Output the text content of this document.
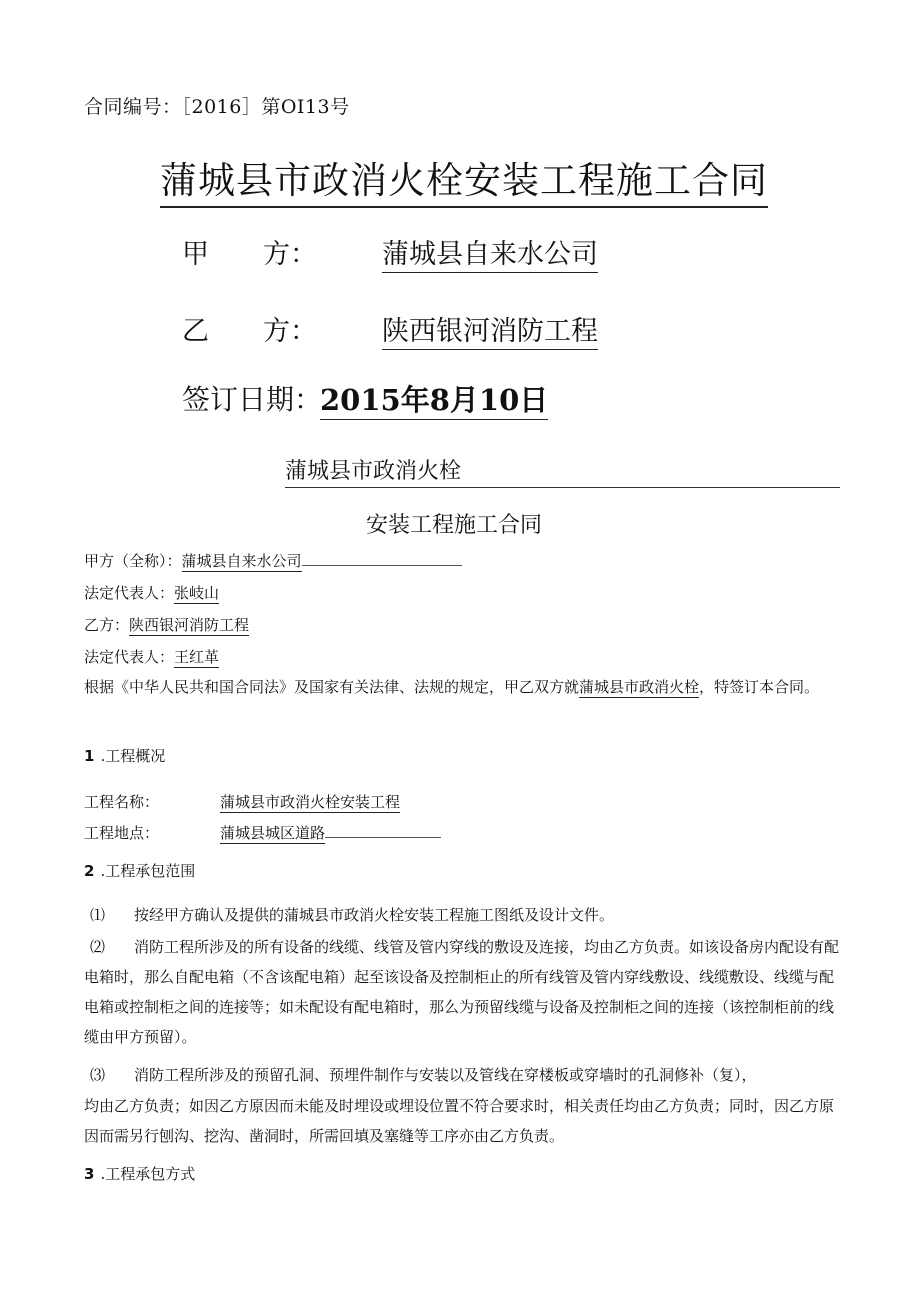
合同编号：［2016］第OI13号
蒲城县市政消火栓安装工程施工合同
甲　　方： 蒲城县自来水公司
乙　　方： 陕西银河消防工程
签订日期：
2015年8月10日
蒲城县市政消火栓
安装工程施工合同
甲方（全称）：蒲城县自来水公司
法定代表人：张岐山
乙方：陕西银河消防工程
法定代表人：王红革
根据《中华人民共和国合同法》及国家有关法律、法规的规定，甲乙双方就蒲城县市政消火栓，特签订本合同。
1 .工程概况
工程名称：	蒲城县市政消火栓安装工程
工程地点：	蒲城县城区道路
2 .工程承包范围
⑴ 按经甲方确认及提供的蒲城县市政消火栓安装工程施工图纸及设计文件。
⑵ 消防工程所涉及的所有设备的线缆、线管及管内穿线的敷设及连接，均由乙方负责。如该设备房内配设有配电箱时，那么自配电箱（不含该配电箱）起至该设备及控制柜止的所有线管及管内穿线敷设、线缆敷设、线缆与配电箱或控制柜之间的连接等；如未配设有配电箱时，那么为预留线缆与设备及控制柜之间的连接（该控制柜前的线缆由甲方预留）。
⑶ 消防工程所涉及的预留孔洞、预埋件制作与安装以及管线在穿楼板或穿墙时的孔洞修补（复），
均由乙方负责；如因乙方原因而未能及时埋设或埋设位置不符合要求时，相关责任均由乙方负责；同时，因乙方原因而需另行刨沟、挖沟、凿洞时，所需回填及塞缝等工序亦由乙方负责。
3 .工程承包方式
